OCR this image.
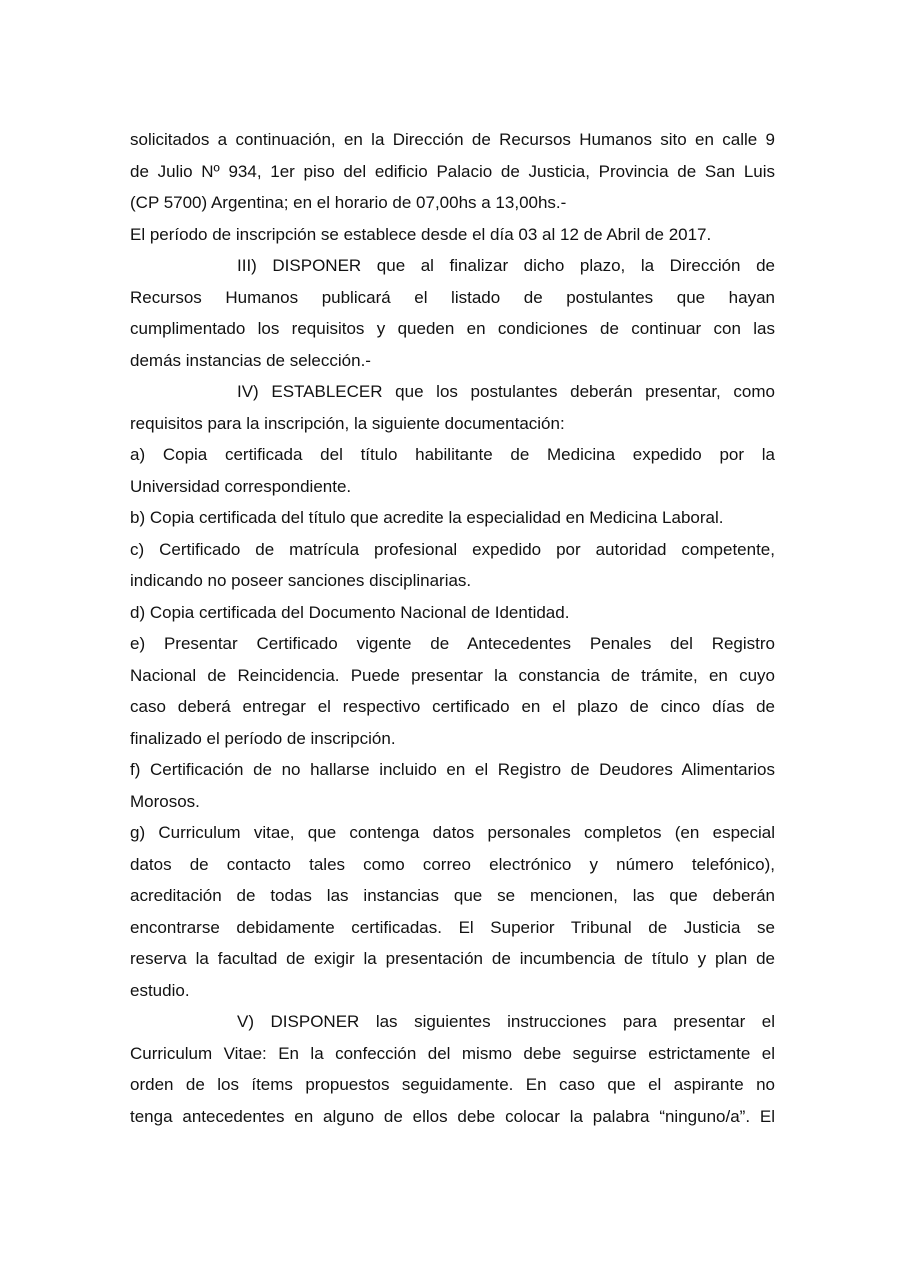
solicitados a continuación, en la Dirección de Recursos Humanos sito en calle 9
de Julio Nº 934, 1er piso del edificio Palacio de Justicia, Provincia de San Luis
(CP 5700) Argentina; en el horario de 07,00hs a 13,00hs.-
El período de inscripción se establece desde el día 03 al 12 de Abril de 2017.
III) DISPONER que al finalizar dicho plazo, la Dirección de
Recursos Humanos publicará el listado de postulantes que hayan
cumplimentado los requisitos y queden en condiciones de continuar con las
demás instancias de selección.-
IV) ESTABLECER que los postulantes deberán presentar, como
requisitos para la inscripción, la siguiente documentación:
a) Copia certificada del título habilitante de Medicina expedido por la
Universidad correspondiente.
b) Copia certificada del título que acredite la especialidad en Medicina Laboral.
c) Certificado de matrícula profesional expedido por autoridad competente,
indicando no poseer sanciones disciplinarias.
d) Copia certificada del Documento Nacional de Identidad.
e) Presentar Certificado vigente de Antecedentes Penales del Registro
Nacional de Reincidencia. Puede presentar la constancia de trámite, en cuyo
caso deberá entregar el respectivo certificado en el plazo de cinco días de
finalizado el período de inscripción.
f) Certificación de no hallarse incluido en el Registro de Deudores Alimentarios
Morosos.
g) Curriculum vitae, que contenga datos personales completos (en especial
datos de contacto tales como correo electrónico y número telefónico),
acreditación de todas las instancias que se mencionen, las que deberán
encontrarse debidamente certificadas. El Superior Tribunal de Justicia se
reserva la facultad de exigir la presentación de incumbencia de título y plan de
estudio.
V) DISPONER las siguientes instrucciones para presentar el
Curriculum Vitae: En la confección del mismo debe seguirse estrictamente el
orden de los ítems propuestos seguidamente. En caso que el aspirante no
tenga antecedentes en alguno de ellos debe colocar la palabra “ninguno/a”. El
